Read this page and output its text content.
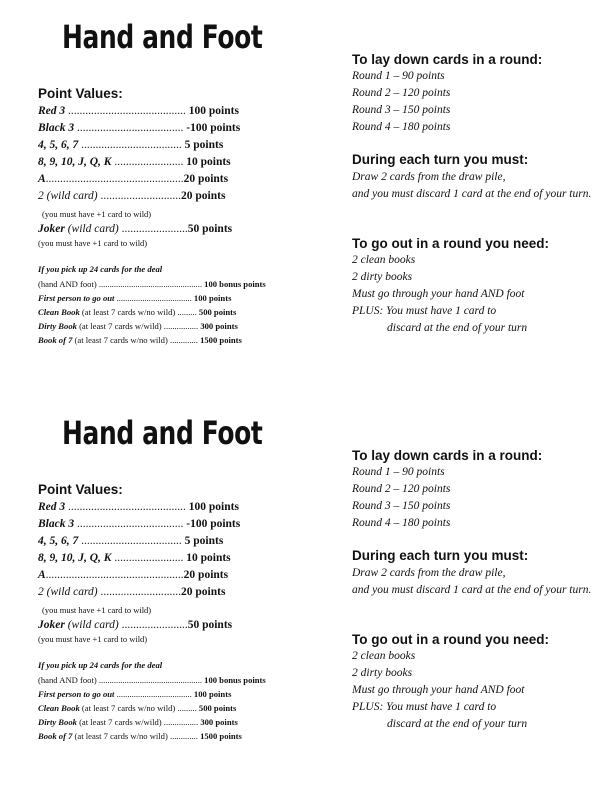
Hand and Foot
Point Values:
Red 3 ......................................... 100 points
Black 3 ..................................... -100 points
4, 5, 6, 7 ................................... 5 points
8, 9, 10, J, Q, K ........................ 10 points
A................................................20 points
2 (wild card) ............................20 points
(you must have +1 card to wild)
Joker (wild card) .......................50 points
(you must have +1 card to wild)
If you pick up 24 cards for the deal
(hand AND foot) ................................................ 100 bonus points
First person to go out ................................... 100 points
Clean Book (at least 7 cards w/no wild) ......... 500 points
Dirty Book (at least 7 cards w/wild) ................ 300 points
Book of 7 (at least 7 cards w/no wild) ............. 1500 points
To lay down cards in a round:
Round 1 – 90 points
Round 2 – 120 points
Round 3 – 150 points
Round 4 – 180 points
During each turn you must:
Draw 2 cards from the draw pile,
and you must discard 1 card at the end of your turn.
To go out in a round you need:
2 clean books
2 dirty books
Must go through your hand AND foot
PLUS: You must have 1 card to
discard at the end of your turn
Hand and Foot
Point Values:
Red 3 ......................................... 100 points
Black 3 ..................................... -100 points
4, 5, 6, 7 ................................... 5 points
8, 9, 10, J, Q, K ........................ 10 points
A................................................20 points
2 (wild card) ............................20 points
(you must have +1 card to wild)
Joker (wild card) .......................50 points
(you must have +1 card to wild)
If you pick up 24 cards for the deal
(hand AND foot) ................................................ 100 bonus points
First person to go out ................................... 100 points
Clean Book (at least 7 cards w/no wild) ......... 500 points
Dirty Book (at least 7 cards w/wild) ................ 300 points
Book of 7 (at least 7 cards w/no wild) ............. 1500 points
To lay down cards in a round:
Round 1 – 90 points
Round 2 – 120 points
Round 3 – 150 points
Round 4 – 180 points
During each turn you must:
Draw 2 cards from the draw pile,
and you must discard 1 card at the end of your turn.
To go out in a round you need:
2 clean books
2 dirty books
Must go through your hand AND foot
PLUS: You must have 1 card to
discard at the end of your turn
